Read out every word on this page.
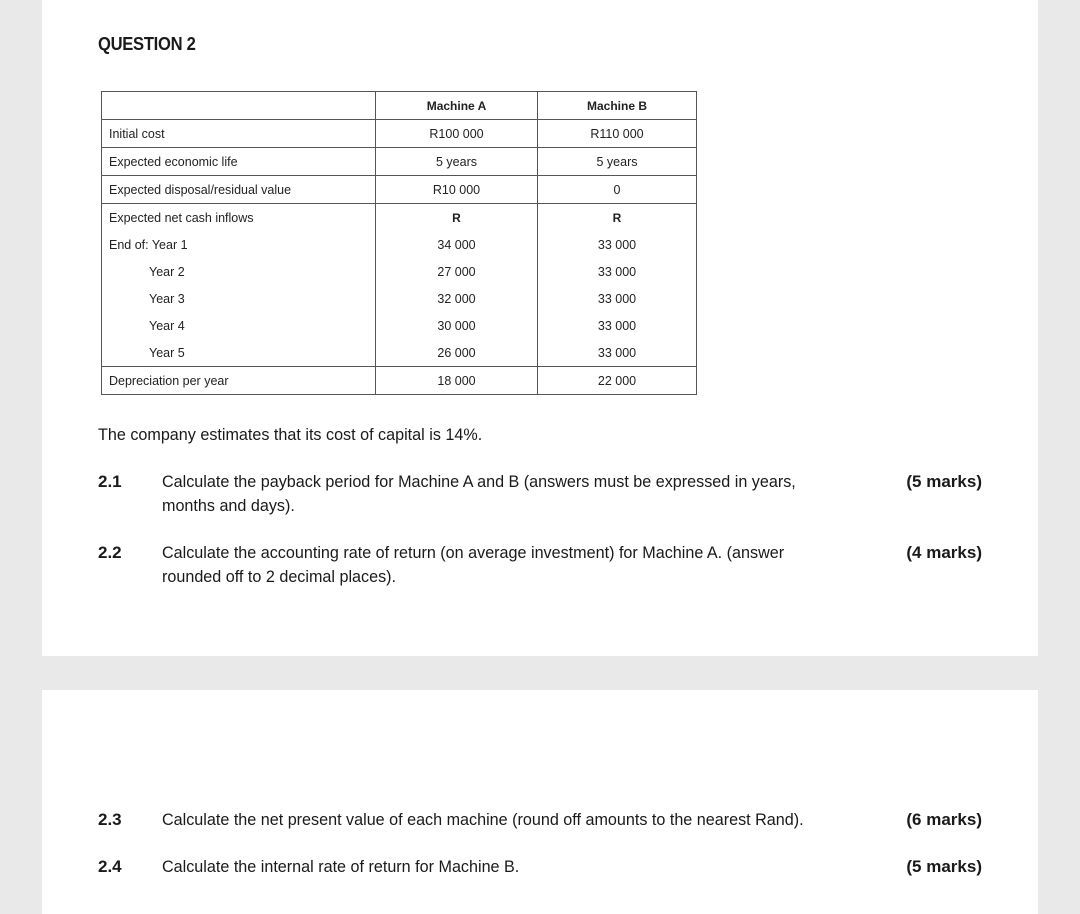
QUESTION 2
	Machine A	Machine B
Initial cost	R100 000	R110 000
Expected economic life	5 years	5 years
Expected disposal/residual value	R10 000	0
Expected net cash inflows	R	R
End of: Year 1	34 000	33 000
Year 2	27 000	33 000
Year 3	32 000	33 000
Year 4	30 000	33 000
Year 5	26 000	33 000
Depreciation per year	18 000	22 000
The company estimates that its cost of capital is 14%.
2.1 Calculate the payback period for Machine A and B (answers must be expressed in years, months and days).
(5 marks)
2.2 Calculate the accounting rate of return (on average investment) for Machine A. (answer rounded off to 2 decimal places).
(4 marks)
2.3 Calculate the net present value of each machine (round off amounts to the nearest Rand).	(6 marks)
2.4 Calculate the internal rate of return for Machine B.	(5 marks)
